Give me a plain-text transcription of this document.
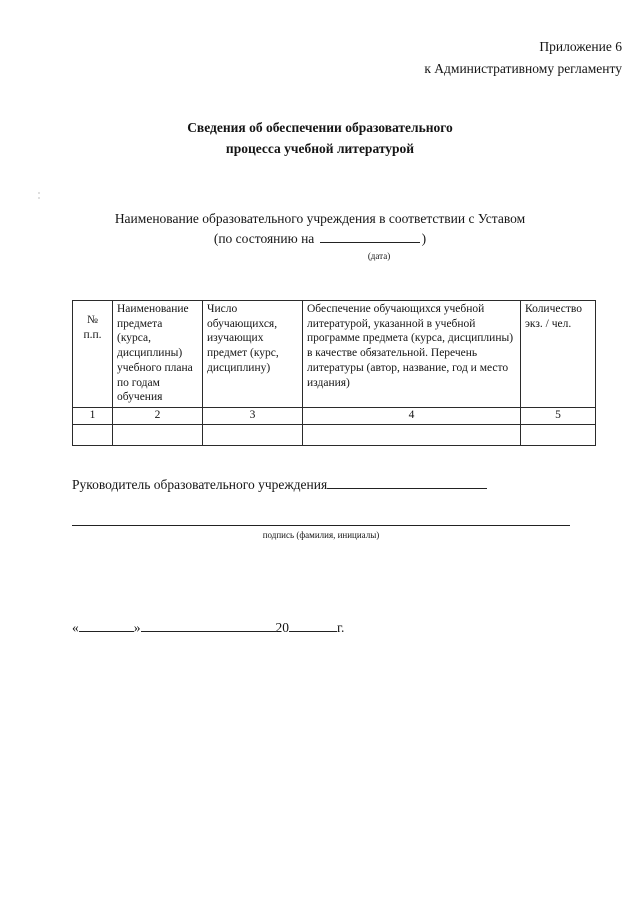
Приложение 6
к Административному регламенту
Сведения об обеспечении образовательного
процесса учебной литературой
Наименование образовательного учреждения в соответствии с Уставом
(по состоянию на	)
(дата)
№ п.п.	Наименование предмета (курса, дисциплины) учебного плана по годам обучения	Число обучающихся, изучающих предмет (курс, дисциплину)	Обеспечение обучающихся учебной литературой, указанной в учебной программе предмета (курса, дисциплины) в качестве обязательной. Перечень литературы (автор, название, год и место издания)	Количество экз. / чел.
1	2	3	4	5

Руководитель образовательного учреждения
подпись (фамилия, инициалы)
«	»	20	г.
